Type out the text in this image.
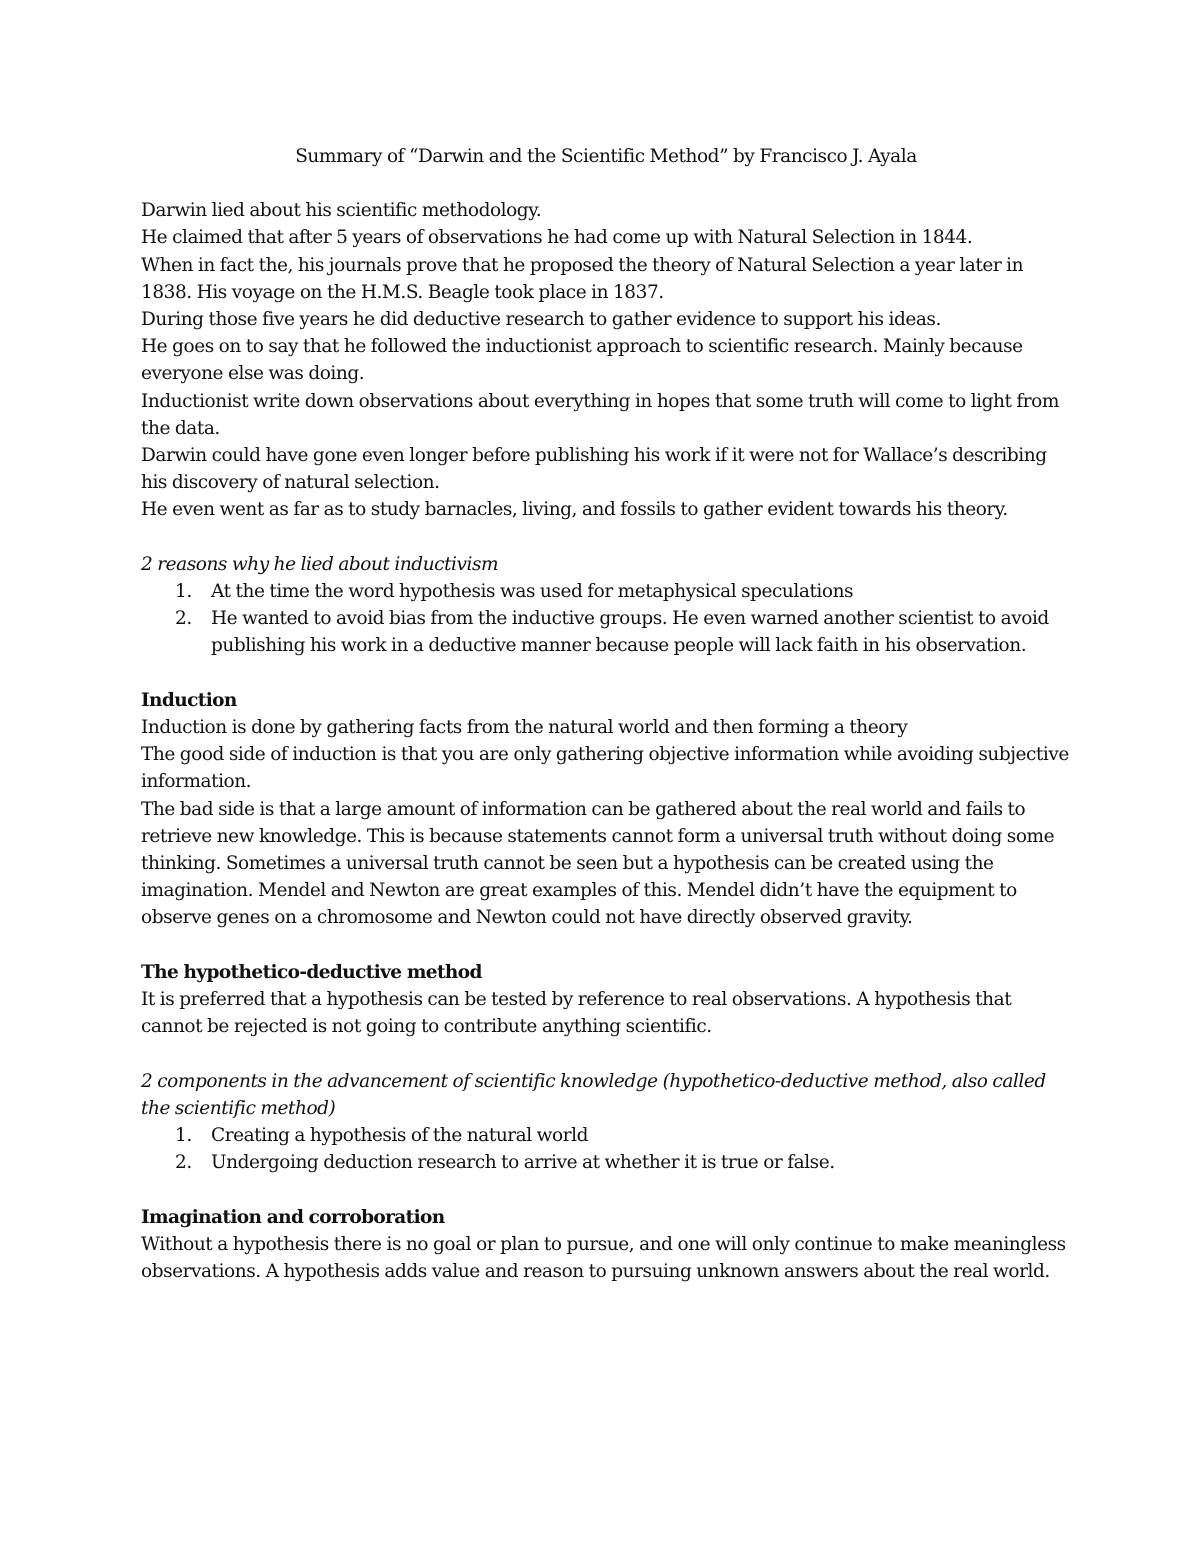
Summary of “Darwin and the Scientific Method” by Francisco J. Ayala

Darwin lied about his scientific methodology.

He claimed that after 5 years of observations he had come up with Natural Selection in 1844.

When in fact the, his journals prove that he proposed the theory of Natural Selection a year later in 1838. His voyage on the H.M.S. Beagle took place in 1837.

During those five years he did deductive research to gather evidence to support his ideas.

He goes on to say that he followed the inductionist approach to scientific research. Mainly because everyone else was doing.

Inductionist write down observations about everything in hopes that some truth will come to light from the data.

Darwin could have gone even longer before publishing his work if it were not for Wallace’s describing his discovery of natural selection.

He even went as far as to study barnacles, living, and fossils to gather evident towards his theory.

2 reasons why he lied about inductivism

1. At the time the word hypothesis was used for metaphysical speculations
2. He wanted to avoid bias from the inductive groups. He even warned another scientist to avoid publishing his work in a deductive manner because people will lack faith in his observation.

Induction

Induction is done by gathering facts from the natural world and then forming a theory

The good side of induction is that you are only gathering objective information while avoiding subjective information.

The bad side is that a large amount of information can be gathered about the real world and fails to retrieve new knowledge. This is because statements cannot form a universal truth without doing some thinking. Sometimes a universal truth cannot be seen but a hypothesis can be created using the imagination. Mendel and Newton are great examples of this. Mendel didn’t have the equipment to observe genes on a chromosome and Newton could not have directly observed gravity.

The hypothetico-deductive method

It is preferred that a hypothesis can be tested by reference to real observations. A hypothesis that cannot be rejected is not going to contribute anything scientific.

2 components in the advancement of scientific knowledge (hypothetico-deductive method, also called the scientific method)

1. Creating a hypothesis of the natural world
2. Undergoing deduction research to arrive at whether it is true or false.

Imagination and corroboration

Without a hypothesis there is no goal or plan to pursue, and one will only continue to make meaningless observations. A hypothesis adds value and reason to pursuing unknown answers about the real world.
